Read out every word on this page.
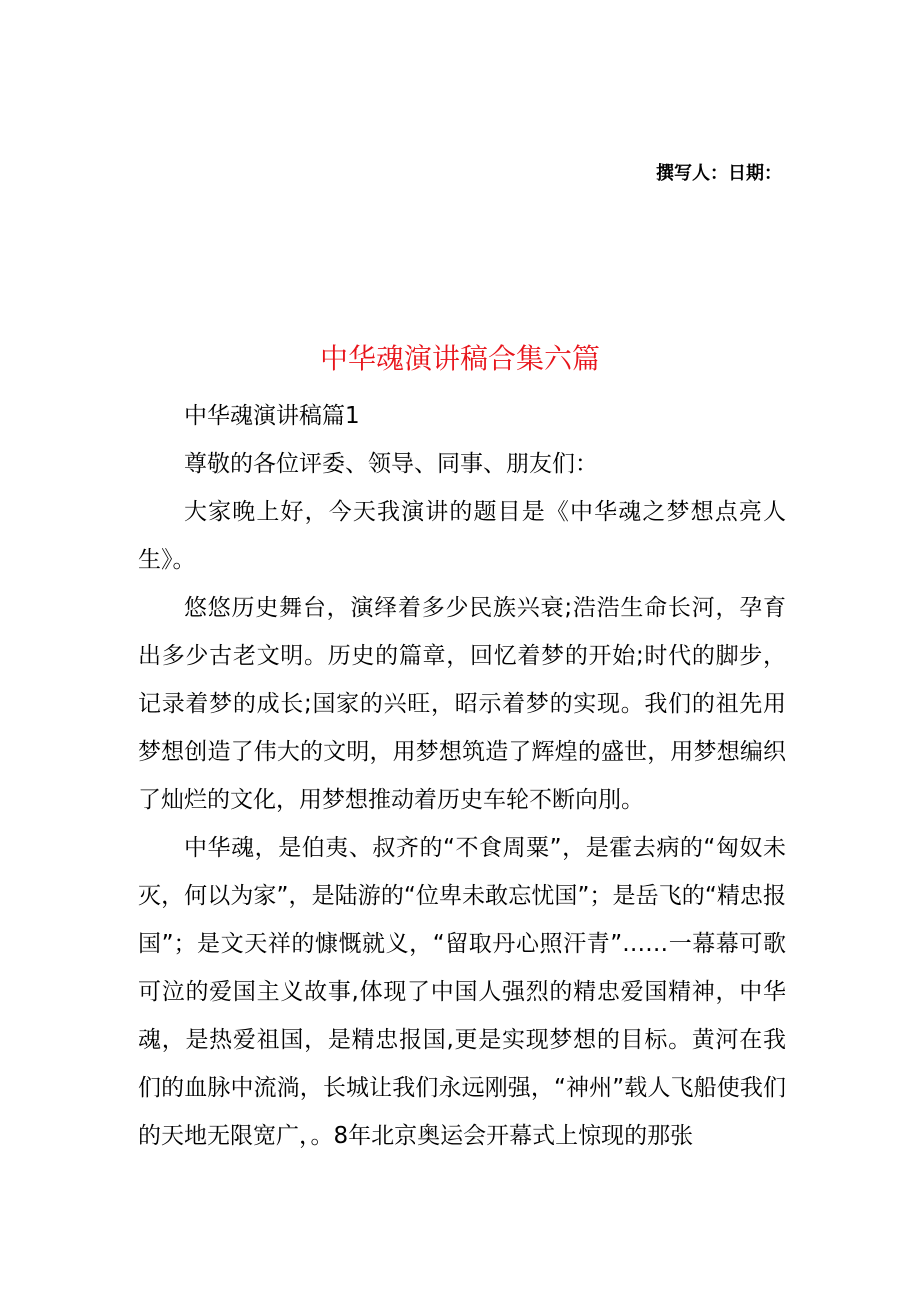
撰写人：日期：
中华魂演讲稿合集六篇

中华魂演讲稿篇1

尊敬的各位评委、领导、同事、朋友们：

大家晚上好，今天我演讲的题目是《中华魂之梦想点亮人生》。

悠悠历史舞台，演绎着多少民族兴衰;浩浩生命长河，孕育出多少古老文明。历史的篇章，回忆着梦的开始;时代的脚步，记录着梦的成长;国家的兴旺，昭示着梦的实现。我们的祖先用梦想创造了伟大的文明，用梦想筑造了辉煌的盛世，用梦想编织了灿烂的文化，用梦想推动着历史车轮不断向刖。

中华魂，是伯夷、叔齐的“不食周粟”，是霍去病的“匈奴未灭，何以为家”，是陆游的“位卑未敢忘忧国”；是岳飞的“精忠报国”；是文天祥的慷慨就义，“留取丹心照汗青”……一幕幕可歌可泣的爱国主义故事,体现了中国人强烈的精忠爱国精神，中华魂，是热爱祖国，是精忠报国,更是实现梦想的目标。黄河在我们的血脉中流淌，长城让我们永远刚强，“神州”载人飞船使我们的天地无限宽广，。8年北京奥运会开幕式上惊现的那张
